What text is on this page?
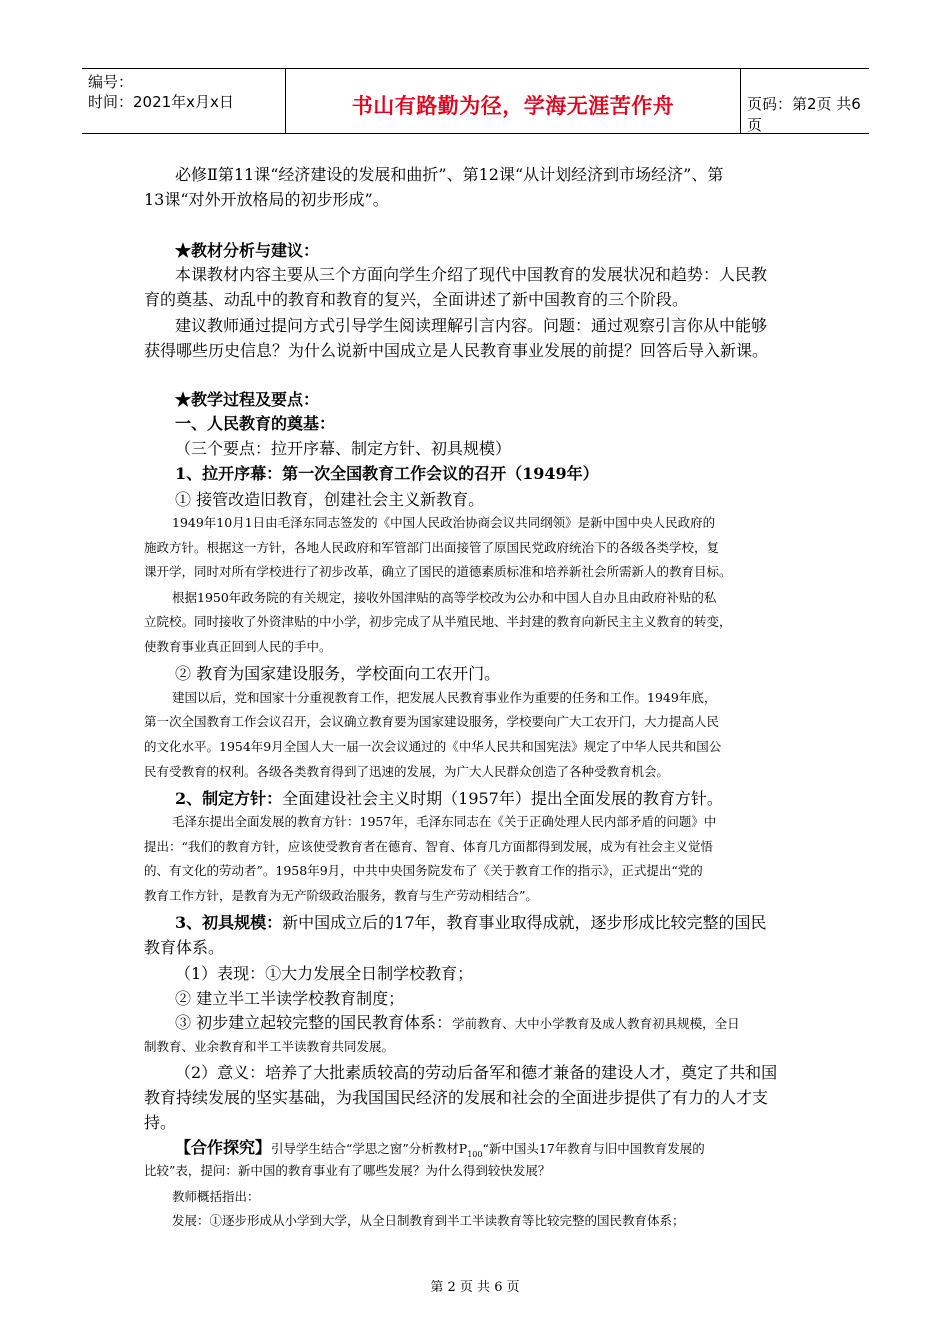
编号：
时间：2021年x月x日	书山有路勤为径，学海无涯苦作舟	页码：第2页 共6页
必修Ⅱ第11课“经济建设的发展和曲折”、第12课“从计划经济到市场经济”、第
13课“对外开放格局的初步形成”。
★教材分析与建议：
本课教材内容主要从三个方面向学生介绍了现代中国教育的发展状况和趋势：人民教
育的奠基、动乱中的教育和教育的复兴，全面讲述了新中国教育的三个阶段。
建议教师通过提问方式引导学生阅读理解引言内容。问题：通过观察引言你从中能够
获得哪些历史信息？为什么说新中国成立是人民教育事业发展的前提？回答后导入新课。
★教学过程及要点：
一、人民教育的奠基：
（三个要点：拉开序幕、制定方针、初具规模）
1、拉开序幕：第一次全国教育工作会议的召开（1949年）
① 接管改造旧教育，创建社会主义新教育。
1949年10月1日由毛泽东同志签发的《中国人民政治协商会议共同纲领》是新中国中央人民政府的
施政方针。根据这一方针，各地人民政府和军管部门出面接管了原国民党政府统治下的各级各类学校，复
课开学，同时对所有学校进行了初步改革，确立了国民的道德素质标准和培养新社会所需新人的教育目标。
根据1950年政务院的有关规定，接收外国津贴的高等学校改为公办和中国人自办且由政府补贴的私
立院校。同时接收了外资津贴的中小学，初步完成了从半殖民地、半封建的教育向新民主主义教育的转变，
使教育事业真正回到人民的手中。
② 教育为国家建设服务，学校面向工农开门。
建国以后，党和国家十分重视教育工作，把发展人民教育事业作为重要的任务和工作。1949年底，
第一次全国教育工作会议召开，会议确立教育要为国家建设服务，学校要向广大工农开门，大力提高人民
的文化水平。1954年9月全国人大一届一次会议通过的《中华人民共和国宪法》规定了中华人民共和国公
民有受教育的权利。各级各类教育得到了迅速的发展，为广大人民群众创造了各种受教育机会。
2、制定方针：全面建设社会主义时期（1957年）提出全面发展的教育方针。
毛泽东提出全面发展的教育方针：1957年，毛泽东同志在《关于正确处理人民内部矛盾的问题》中
提出：“我们的教育方针，应该使受教育者在德育、智育、体育几方面都得到发展，成为有社会主义觉悟
的、有文化的劳动者”。1958年9月，中共中央国务院发布了《关于教育工作的指示》，正式提出“党的
教育工作方针，是教育为无产阶级政治服务，教育与生产劳动相结合”。
3、初具规模：新中国成立后的17年，教育事业取得成就，逐步形成比较完整的国民
教育体系。
（1）表现：①大力发展全日制学校教育；
② 建立半工半读学校教育制度；
③ 初步建立起较完整的国民教育体系：学前教育、大中小学教育及成人教育初具规模，全日
制教育、业余教育和半工半读教育共同发展。
（2）意义：培养了大批素质较高的劳动后备军和德才兼备的建设人才，奠定了共和国
教育持续发展的坚实基础，为我国国民经济的发展和社会的全面进步提供了有力的人才支
持。
【合作探究】引导学生结合“学思之窗”分析教材$P_{100}“$新中国头17年教育与旧中国教育发展的
比较”表，提问：新中国的教育事业有了哪些发展？为什么得到较快发展？
教师概括指出：
发展：①逐步形成从小学到大学，从全日制教育到半工半读教育等比较完整的国民教育体系；
第 2 页 共 6 页
